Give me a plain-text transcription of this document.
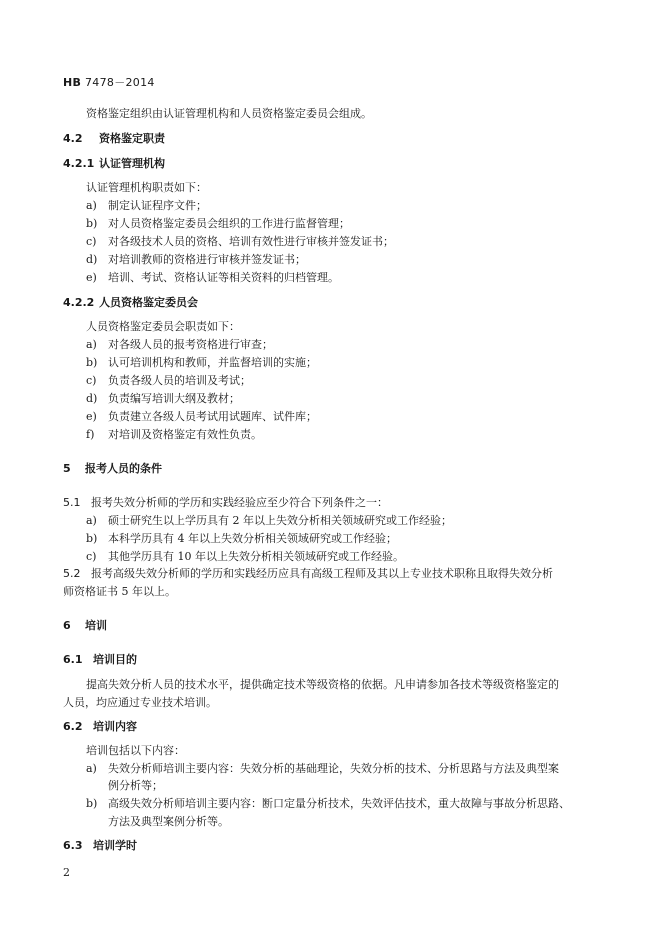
HB 7478－2014
资格鉴定组织由认证管理机构和人员资格鉴定委员会组成。
4.2 资格鉴定职责
4.2.1 认证管理机构
认证管理机构职责如下：
a) 制定认证程序文件；
b) 对人员资格鉴定委员会组织的工作进行监督管理；
c) 对各级技术人员的资格、培训有效性进行审核并签发证书；
d) 对培训教师的资格进行审核并签发证书；
e) 培训、考试、资格认证等相关资料的归档管理。
4.2.2 人员资格鉴定委员会
人员资格鉴定委员会职责如下：
a) 对各级人员的报考资格进行审查；
b) 认可培训机构和教师，并监督培训的实施；
c) 负责各级人员的培训及考试；
d) 负责编写培训大纲及教材；
e) 负责建立各级人员考试用试题库、试件库；
f) 对培训及资格鉴定有效性负责。
5 报考人员的条件
5.1 报考失效分析师的学历和实践经验应至少符合下列条件之一：
a) 硕士研究生以上学历具有 2 年以上失效分析相关领域研究或工作经验；
b) 本科学历具有 4 年以上失效分析相关领域研究或工作经验；
c) 其他学历具有 10 年以上失效分析相关领域研究或工作经验。
5.2 报考高级失效分析师的学历和实践经历应具有高级工程师及其以上专业技术职称且取得失效分析
师资格证书 5 年以上。
6 培训
6.1 培训目的
提高失效分析人员的技术水平，提供确定技术等级资格的依据。凡申请参加各技术等级资格鉴定的
人员，均应通过专业技术培训。
6.2 培训内容
培训包括以下内容：
a) 失效分析师培训主要内容：失效分析的基础理论，失效分析的技术、分析思路与方法及典型案
例分析等；
b) 高级失效分析师培训主要内容：断口定量分析技术，失效评估技术，重大故障与事故分析思路、
方法及典型案例分析等。
6.3 培训学时
2
